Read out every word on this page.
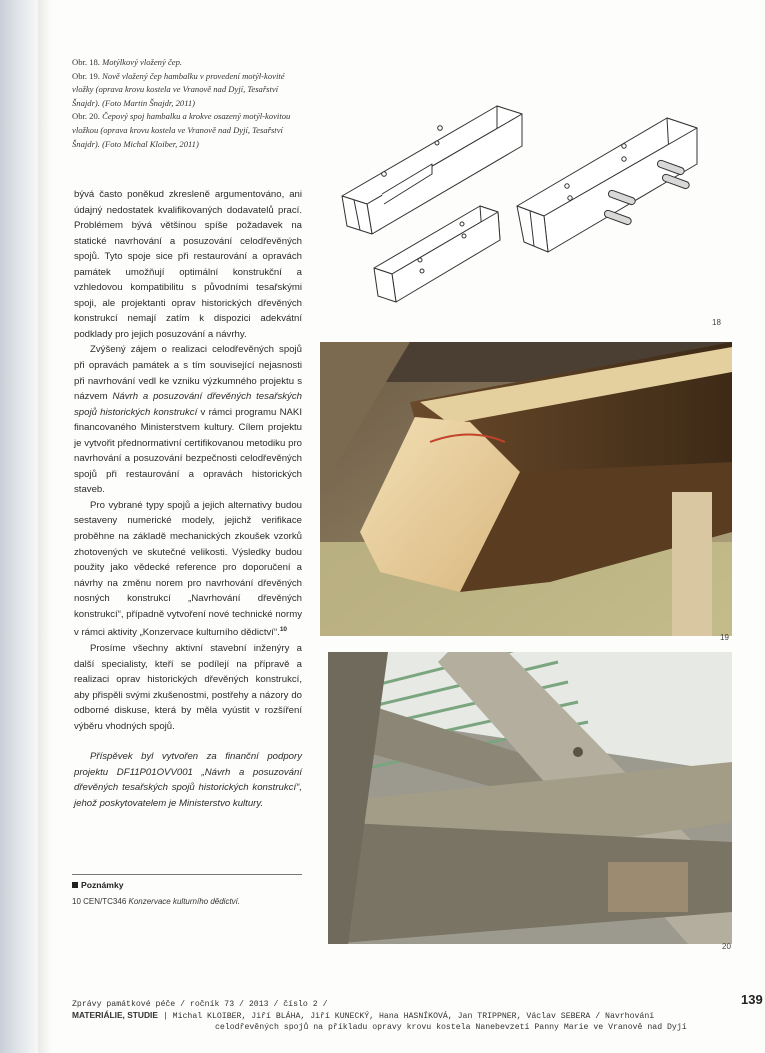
Obr. 18. Motýlkový vložený čep.
Obr. 19. Nově vložený čep hambalku v provedení motýl-kovité vložky (oprava krovu kostela ve Vranově nad Dyjí, Tesařství Šnajdr). (Foto Martin Šnajdr, 2011)
Obr. 20. Čepový spoj hambalku a krokve osazený motýl-kovitou vložkou (oprava krovu kostela ve Vranově nad Dyjí, Tesařství Šnajdr). (Foto Michal Kloiber, 2011)

bývá často poněkud zkresleně argumentováno, ani údajný nedostatek kvalifikovaných dodavatelů prací. Problémem bývá většinou spíše požadavek na statické navrhování a posuzování celodřevěných spojů. Tyto spoje sice při restaurování a opravách památek umožňují optimální konstrukční a vzhledovou kompatibilitu s původními tesařskými spoji, ale projektanti oprav historických dřevěných konstrukcí nemají zatím k dispozici adekvátní podklady pro jejich posuzování a návrhy.

Zvýšený zájem o realizaci celodřevěných spojů při opravách památek a s tím související nejasnosti při navrhování vedl ke vzniku výzkumného projektu s názvem Návrh a posuzování dřevěných tesařských spojů historických konstrukcí v rámci programu NAKI financovaného Ministerstvem kultury. Cílem projektu je vytvořit přednormativní certifikovanou metodiku pro navrhování a posuzování bezpečnosti celodřevěných spojů při restaurování a opravách historických staveb.

Pro vybrané typy spojů a jejich alternativy budou sestaveny numerické modely, jejichž verifikace proběhne na základě mechanických zkoušek vzorků zhotovených ve skutečné velikosti. Výsledky budou použity jako vědecké reference pro doporučení a návrhy na změnu norem pro navrhování dřevěných nosných konstrukcí „Navrhování dřevěných konstrukcí“, případně vytvoření nové technické normy v rámci aktivity „Konzervace kulturního dědictví“.$^{10}$

Prosíme všechny aktivní stavební inženýry a další specialisty, kteří se podílejí na přípravě a realizaci oprav historických dřevěných konstrukcí, aby přispěli svými zkušenostmi, postřehy a názory do odborné diskuse, která by měla vyústit v rozšíření výběru vhodných spojů.

Příspěvek byl vytvořen za finanční podpory projektu DF11P01OVV001 „Návrh a posuzování dřevěných tesařských spojů historických konstrukcí“, jehož poskytovatelem je Ministerstvo kultury.

Poznámky
10 CEN/TC346 Konzervace kulturního dědictví.
18
19
20
Zprávy památkové péče / ročník 73 / 2013 / číslo 2 /
MATERIÁLIE, STUDIE | Michal KLOIBER, Jiří BLÁHA, Jiří KUNECKÝ, Hana HASNÍKOVÁ, Jan TRIPPNER, Václav SEBERA / Navrhování
celodřevěných spojů na příkladu opravy krovu kostela Nanebevzetí Panny Marie ve Vranově nad Dyjí
139
